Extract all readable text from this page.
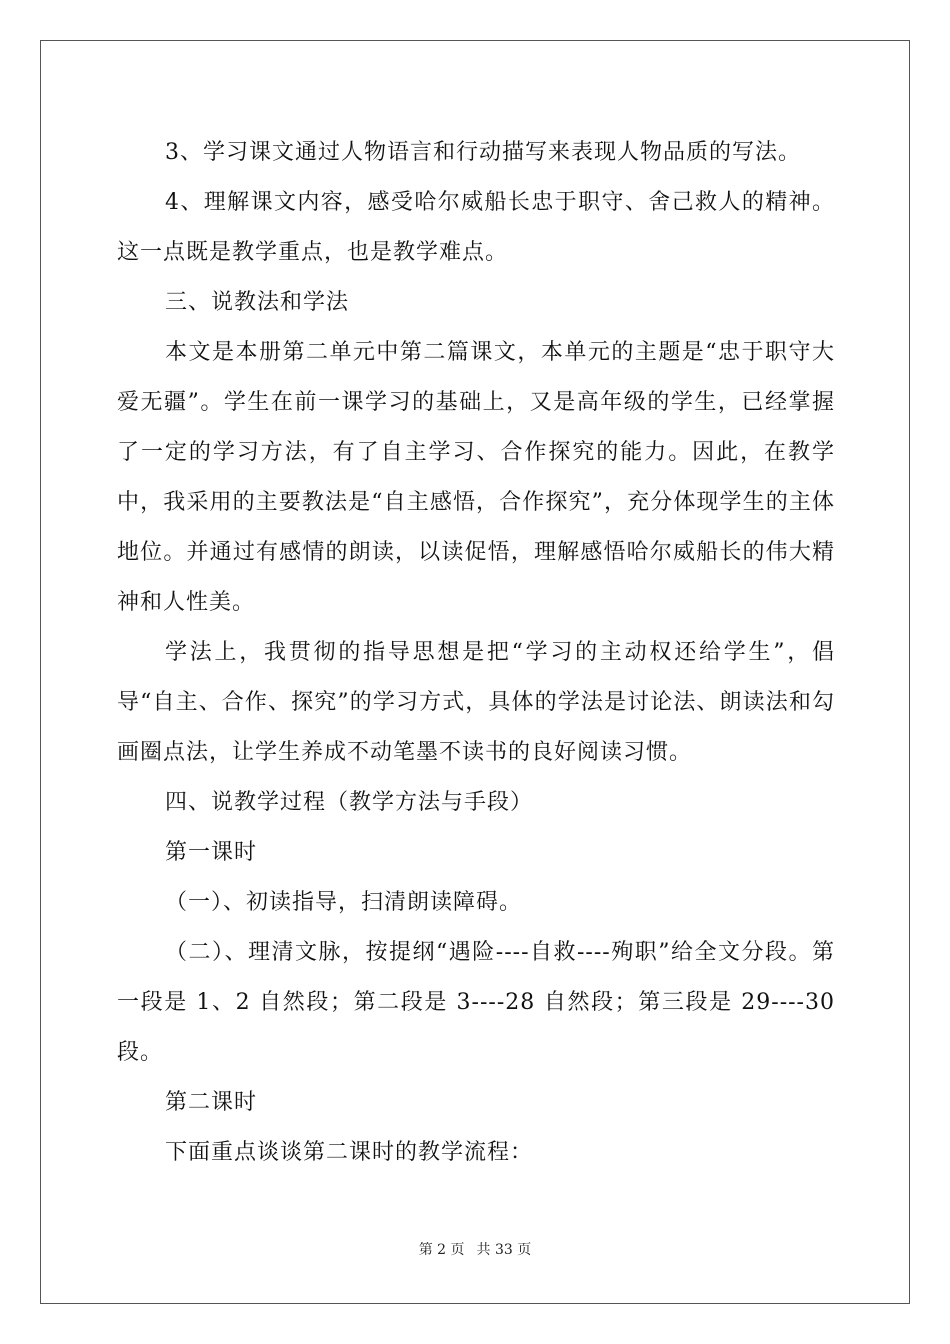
3、学习课文通过人物语言和行动描写来表现人物品质的写法。

4、理解课文内容，感受哈尔威船长忠于职守、舍己救人的精神。这一点既是教学重点，也是教学难点。

三、说教法和学法

本文是本册第二单元中第二篇课文，本单元的主题是“忠于职守大爱无疆”。学生在前一课学习的基础上，又是高年级的学生，已经掌握了一定的学习方法，有了自主学习、合作探究的能力。因此，在教学中，我采用的主要教法是“自主感悟，合作探究”，充分体现学生的主体地位。并通过有感情的朗读，以读促悟，理解感悟哈尔威船长的伟大精神和人性美。

学法上，我贯彻的指导思想是把“学习的主动权还给学生”，倡导“自主、合作、探究”的学习方式，具体的学法是讨论法、朗读法和勾画圈点法，让学生养成不动笔墨不读书的良好阅读习惯。

四、说教学过程（教学方法与手段）

第一课时

（一）、初读指导，扫清朗读障碍。

（二）、理清文脉，按提纲“遇险----自救----殉职”给全文分段。第一段是 1、2 自然段；第二段是 3----28 自然段；第三段是 29----30 段。

第二课时

下面重点谈谈第二课时的教学流程：

第 2 页 共 33 页
